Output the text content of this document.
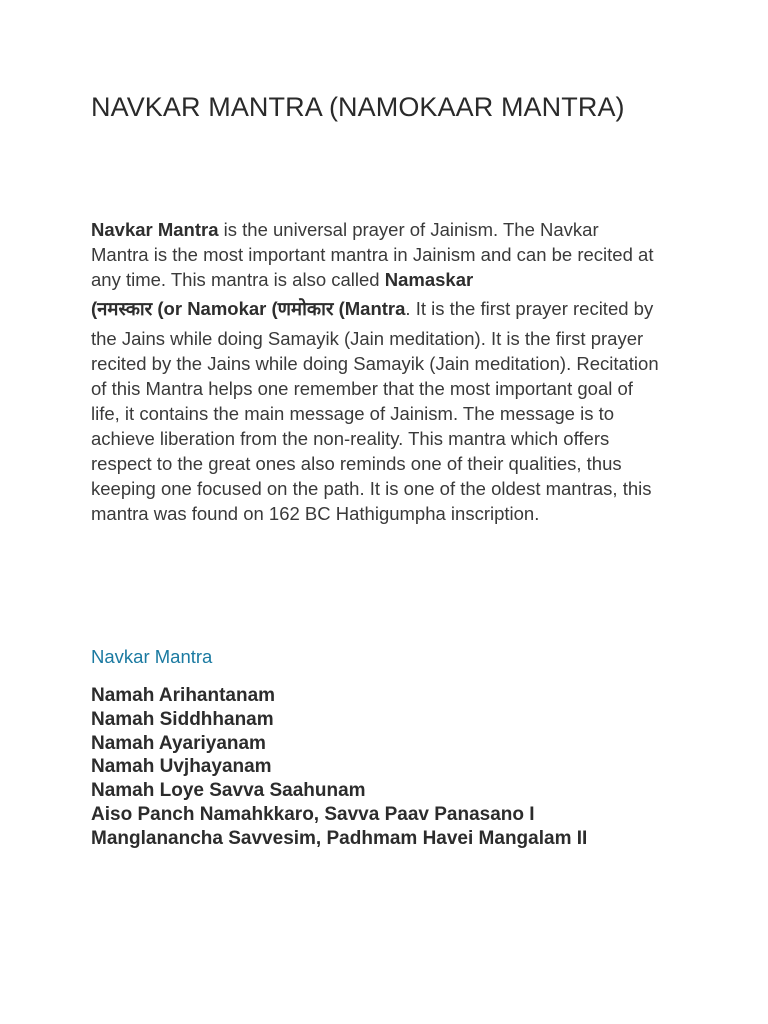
NAVKAR MANTRA (NAMOKAAR MANTRA)

Navkar Mantra is the universal prayer of Jainism. The Navkar Mantra is the most important mantra in Jainism and can be recited at any time. This mantra is also called Namaskar (नमस्कार (or Namokar (णमोकार (Mantra. It is the first prayer recited by the Jains while doing Samayik (Jain meditation). It is the first prayer recited by the Jains while doing Samayik (Jain meditation). Recitation of this Mantra helps one remember that the most important goal of life, it contains the main message of Jainism. The message is to achieve liberation from the non-reality. This mantra which offers respect to the great ones also reminds one of their qualities, thus keeping one focused on the path. It is one of the oldest mantras, this mantra was found on 162 BC Hathigumpha inscription.

Navkar Mantra
Namah Arihantanam
Namah Siddhhanam
Namah Ayariyanam
Namah Uvjhayanam
Namah Loye Savva Saahunam
Aiso Panch Namahkkaro, Savva Paav Panasano I
Manglanancha Savvesim, Padhmam Havei Mangalam II
